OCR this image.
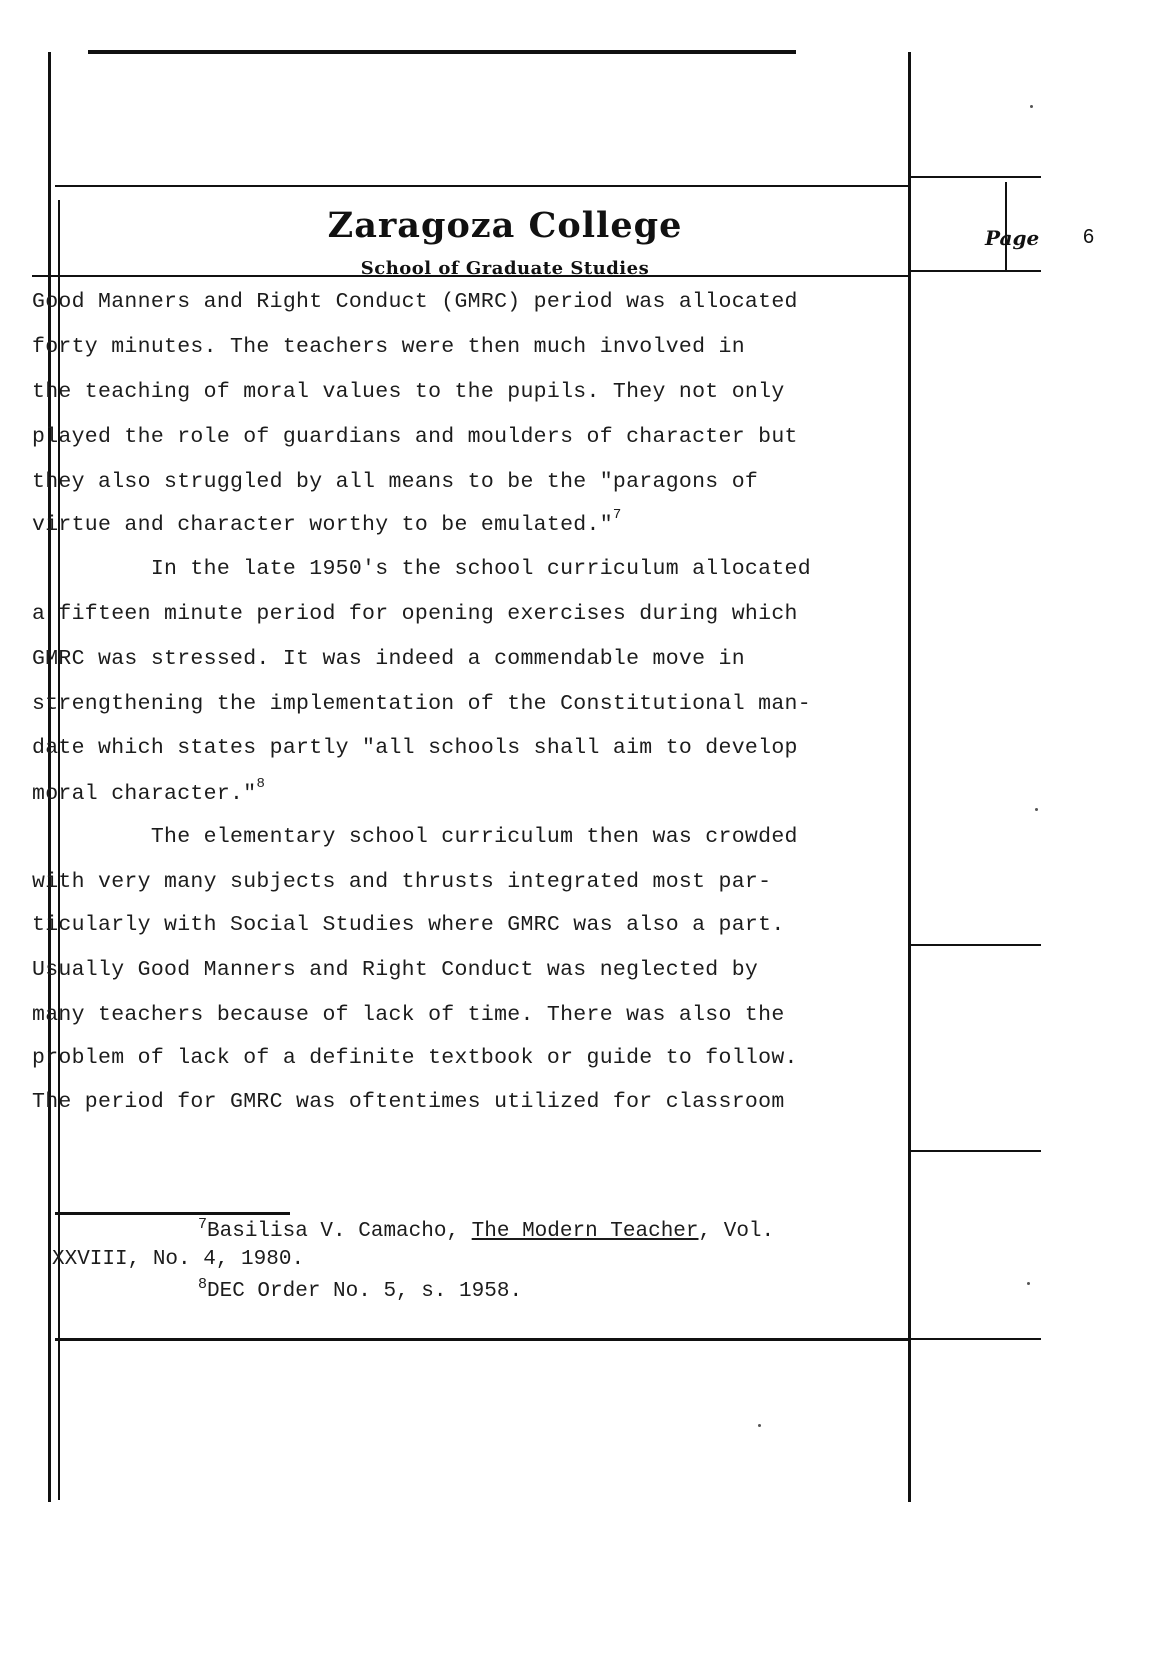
Zaragoza College
School of Graduate Studies
Page 6
Good Manners and Right Conduct (GMRC) period was allocated
forty minutes. The teachers were then much involved in
the teaching of moral values to the pupils. They not only
played the role of guardians and moulders of character but
they also struggled by all means to be the "paragons of
virtue and character worthy to be emulated."$^7$
In the late 1950's the school curriculum allocated
a fifteen minute period for opening exercises during which
GMRC was stressed. It was indeed a commendable move in
strengthening the implementation of the Constitutional man-
date which states partly "all schools shall aim to develop
moral character."$^8$
The elementary school curriculum then was crowded
with very many subjects and thrusts integrated most par-
ticularly with Social Studies where GMRC was also a part.
Usually Good Manners and Right Conduct was neglected by
many teachers because of lack of time. There was also the
problem of lack of a definite textbook or guide to follow.
The period for GMRC was oftentimes utilized for classroom
$^7$Basilisa V. Camacho, The Modern Teacher, Vol.
XXVIII, No. 4, 1980.
$^8$DEC Order No. 5, s. 1958.
